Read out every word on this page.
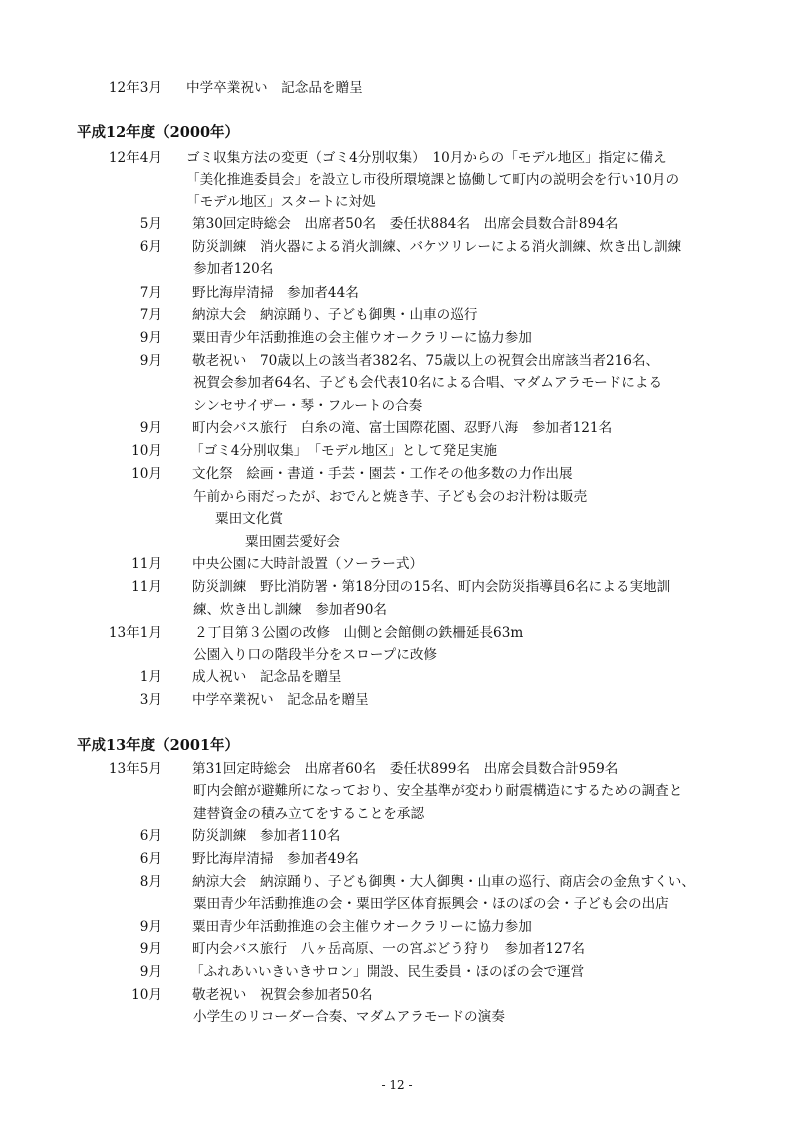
12年3月 中学卒業祝い　記念品を贈呈
平成12年度（2000年）
12年4月 ゴミ収集方法の変更（ゴミ4分別収集）　10月からの「モデル地区」指定に備え
「美化推進委員会」を設立し市役所環境課と協働して町内の説明会を行い10月の
「モデル地区」スタートに対処
5月 第30回定時総会　出席者50名　委任状884名　出席会員数合計894名
6月 防災訓練　消火器による消火訓練、バケツリレーによる消火訓練、炊き出し訓練
参加者120名
7月 野比海岸清掃　参加者44名
7月 納涼大会　納涼踊り、子ども御輿・山車の巡行
9月 粟田青少年活動推進の会主催ウオークラリーに協力参加
9月 敬老祝い　70歳以上の該当者382名、75歳以上の祝賀会出席該当者216名、
祝賀会参加者64名、子ども会代表10名による合唱、マダムアラモードによる
シンセサイザー・琴・フルートの合奏
9月 町内会バス旅行　白糸の滝、富士国際花園、忍野八海　参加者121名
10月 「ゴミ4分別収集」　「モデル地区」として発足実施
10月 文化祭　絵画・書道・手芸・園芸・工作その他多数の力作出展
午前から雨だったが、おでんと焼き芋、子ども会のお汁粉は販売
粟田文化賞
粟田園芸愛好会
11月 中央公園に大時計設置（ソーラー式）
11月 防災訓練　野比消防署・第18分団の15名、町内会防災指導員6名による実地訓
練、炊き出し訓練　参加者90名
13年1月 ２丁目第３公園の改修　山側と会館側の鉄柵延長63m
公園入り口の階段半分をスロープに改修
1月 成人祝い　記念品を贈呈
3月 中学卒業祝い　記念品を贈呈
平成13年度（2001年）
13年5月 第31回定時総会　出席者60名　委任状899名　出席会員数合計959名
町内会館が避難所になっており、安全基準が変わり耐震構造にするための調査と
建替資金の積み立てをすることを承認
6月 防災訓練　参加者110名
6月 野比海岸清掃　参加者49名
8月 納涼大会　納涼踊り、子ども御輿・大人御輿・山車の巡行、商店会の金魚すくい、
粟田青少年活動推進の会・粟田学区体育振興会・ほのぼの会・子ども会の出店
9月 粟田青少年活動推進の会主催ウオークラリーに協力参加
9月 町内会バス旅行　八ヶ岳高原、一の宮ぶどう狩り　参加者127名
9月 「ふれあいいきいきサロン」開設、民生委員・ほのぼの会で運営
10月 敬老祝い　祝賀会参加者50名
小学生のリコーダー合奏、マダムアラモードの演奏
- 12 -
